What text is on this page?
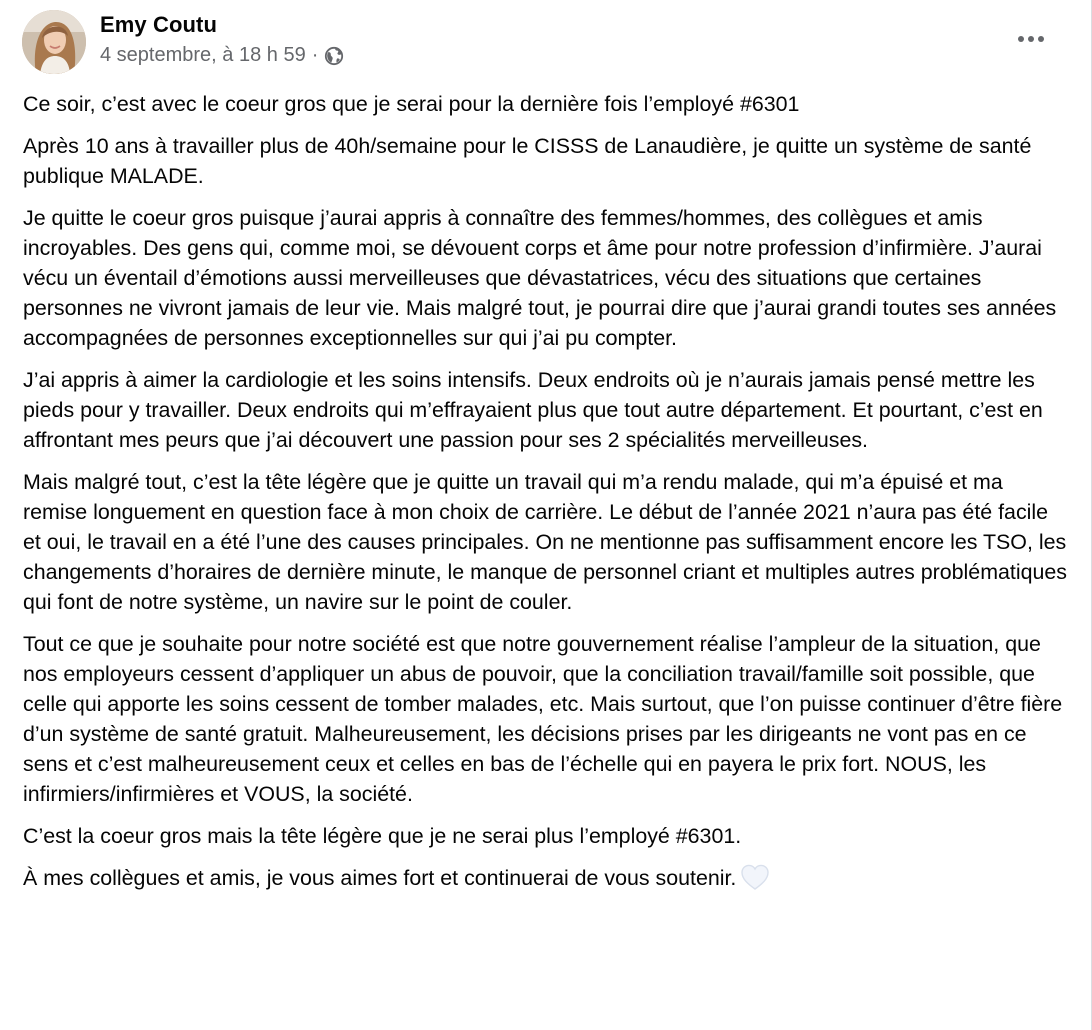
Emy Coutu
4 septembre, à 18 h 59 ·

Ce soir, c’est avec le coeur gros que je serai pour la dernière fois l’employé #6301

Après 10 ans à travailler plus de 40h/semaine pour le CISSS de Lanaudière, je quitte un système de santé publique MALADE.

Je quitte le coeur gros puisque j’aurai appris à connaître des femmes/hommes, des collègues et amis incroyables. Des gens qui, comme moi, se dévouent corps et âme pour notre profession d’infirmière. J’aurai vécu un éventail d’émotions aussi merveilleuses que dévastatrices, vécu des situations que certaines personnes ne vivront jamais de leur vie. Mais malgré tout, je pourrai dire que j’aurai grandi toutes ses années accompagnées de personnes exceptionnelles sur qui j’ai pu compter.

J’ai appris à aimer la cardiologie et les soins intensifs. Deux endroits où je n’aurais jamais pensé mettre les pieds pour y travailler. Deux endroits qui m’effrayaient plus que tout autre département. Et pourtant, c’est en affrontant mes peurs que j’ai découvert une passion pour ses 2 spécialités merveilleuses.

Mais malgré tout, c’est la tête légère que je quitte un travail qui m’a rendu malade, qui m’a épuisé et ma remise longuement en question face à mon choix de carrière. Le début de l’année 2021 n’aura pas été facile et oui, le travail en a été l’une des causes principales. On ne mentionne pas suffisamment encore les TSO, les changements d’horaires de dernière minute, le manque de personnel criant et multiples autres problématiques qui font de notre système, un navire sur le point de couler.

Tout ce que je souhaite pour notre société est que notre gouvernement réalise l’ampleur de la situation, que nos employeurs cessent d’appliquer un abus de pouvoir, que la conciliation travail/famille soit possible, que celle qui apporte les soins cessent de tomber malades, etc. Mais surtout, que l’on puisse continuer d’être fière d’un système de santé gratuit. Malheureusement, les décisions prises par les dirigeants ne vont pas en ce sens et c’est malheureusement ceux et celles en bas de l’échelle qui en payera le prix fort. NOUS, les infirmiers/infirmières et VOUS, la société.

C’est la coeur gros mais la tête légère que je ne serai plus l’employé #6301.

À mes collègues et amis, je vous aimes fort et continuerai de vous soutenir.
